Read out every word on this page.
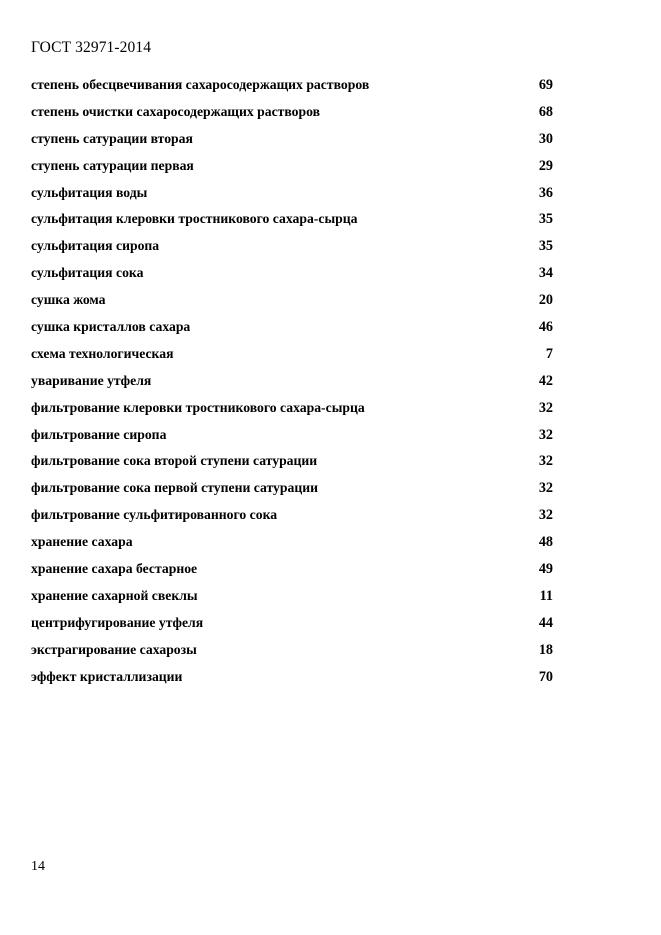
ГОСТ 32971-2014
степень обесцвечивания сахаросодержащих растворов	69
степень очистки сахаросодержащих растворов	68
ступень сатурации вторая	30
ступень сатурации первая	29
сульфитация воды	36
сульфитация клеровки тростникового сахара-сырца	35
сульфитация сиропа	35
сульфитация сока	34
сушка жома	20
сушка кристаллов сахара	46
схема технологическая	7
уваривание утфеля	42
фильтрование клеровки тростникового сахара-сырца	32
фильтрование сиропа	32
фильтрование сока второй ступени сатурации	32
фильтрование сока первой ступени сатурации	32
фильтрование сульфитированного сока	32
хранение сахара	48
хранение сахара бестарное	49
хранение сахарной свеклы	11
центрифугирование утфеля	44
экстрагирование сахарозы	18
эффект кристаллизации	70
14
